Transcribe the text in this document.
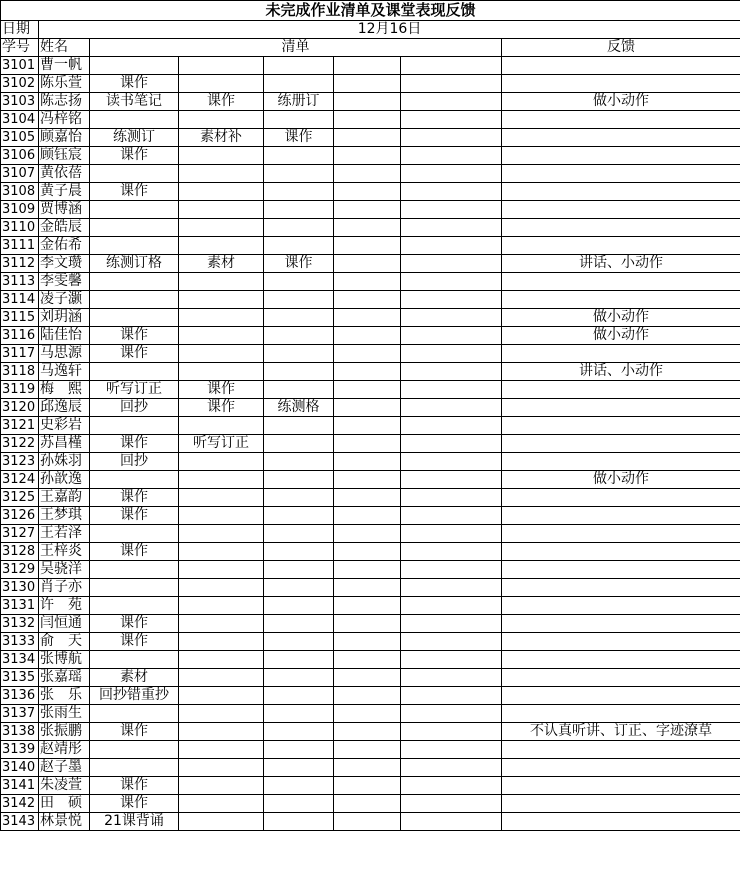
未完成作业清单及课堂表现反馈							
日期	12月16日						
学号	姓名	清单					反馈
3101	曹一帆						
3102	陈乐萱	课作					
3103	陈志扬	读书笔记	课作	练册订			做小动作
3104	冯梓铭						
3105	顾嘉怡	练测订	素材补	课作			
3106	顾钰宸	课作					
3107	黄依蓓						
3108	黄子晨	课作					
3109	贾博涵						
3110	金皓辰						
3111	金佑希						
3112	李文瓒	练测订格	素材	课作			讲话、小动作
3113	李雯馨						
3114	凌子灏						
3115	刘玥涵						做小动作
3116	陆佳怡	课作					做小动作
3117	马思源	课作					
3118	马逸轩						讲话、小动作
3119	梅　熙	听写订正	课作				
3120	邱逸辰	回抄	课作	练测格			
3121	史彩岩						
3122	苏昌槿	课作	听写订正				
3123	孙姝羽	回抄					
3124	孙歆逸						做小动作
3125	王嘉韵	课作					
3126	王梦琪	课作					
3127	王若泽						
3128	王梓炎	课作					
3129	吴骁洋						
3130	肖子亦						
3131	许　苑						
3132	闫恒通	课作					
3133	俞　天	课作					
3134	张博航						
3135	张嘉瑶	素材					
3136	张　乐	回抄错重抄					
3137	张雨生						
3138	张振鹏	课作					不认真听讲、订正、字迹潦草
3139	赵靖彤						
3140	赵子墨						
3141	朱凌萱	课作					
3142	田　硕	课作					
3143	林景悦	21课背诵					
